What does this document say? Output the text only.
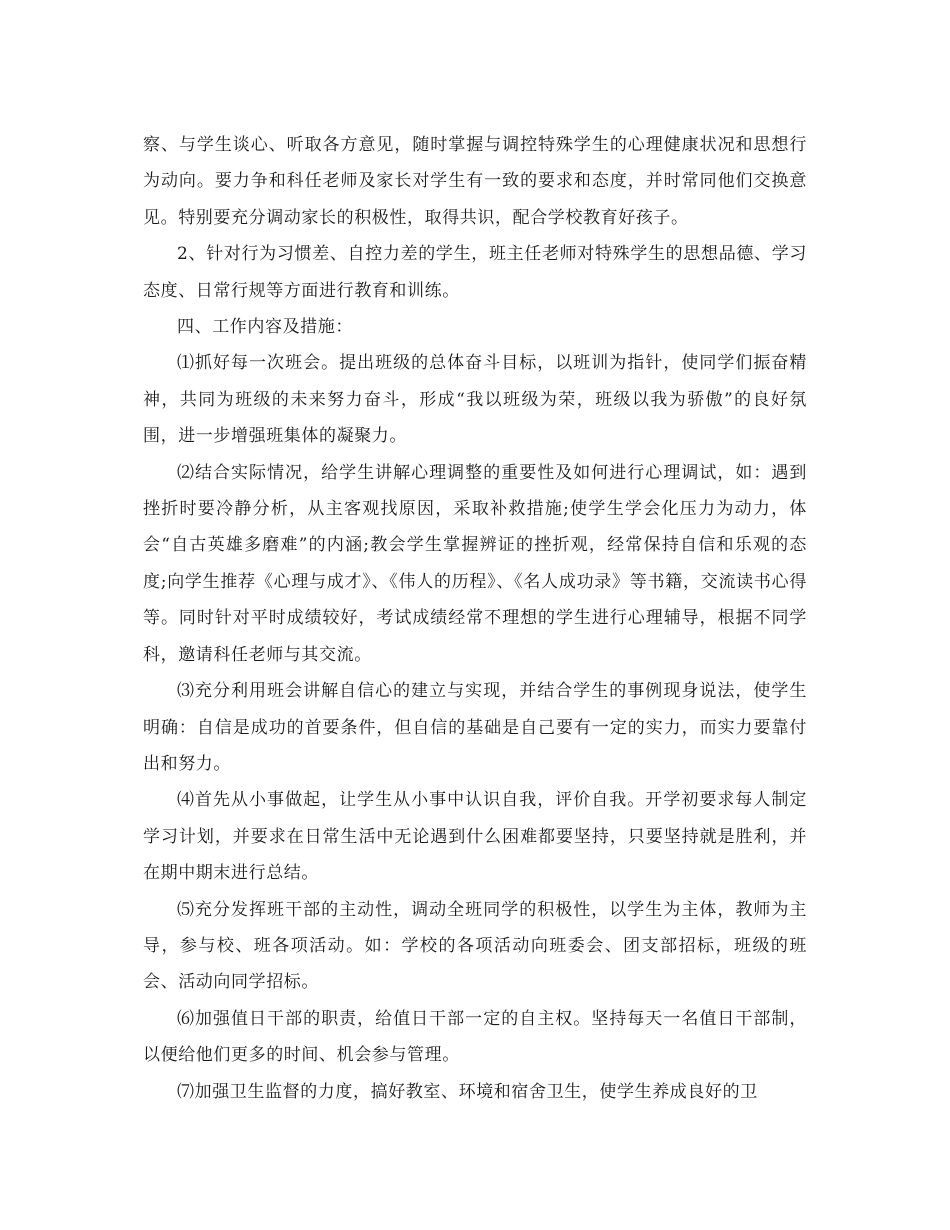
察、与学生谈心、听取各方意见，随时掌握与调控特殊学生的心理健康状况和思想行为动向。要力争和科任老师及家长对学生有一致的要求和态度，并时常同他们交换意见。特别要充分调动家长的积极性，取得共识，配合学校教育好孩子。

2、针对行为习惯差、自控力差的学生，班主任老师对特殊学生的思想品德、学习态度、日常行规等方面进行教育和训练。

四、工作内容及措施：

⑴抓好每一次班会。提出班级的总体奋斗目标，以班训为指针，使同学们振奋精神，共同为班级的未来努力奋斗，形成“我以班级为荣，班级以我为骄傲”的良好氛围，进一步增强班集体的凝聚力。

⑵结合实际情况，给学生讲解心理调整的重要性及如何进行心理调试，如：遇到挫折时要冷静分析，从主客观找原因，采取补救措施;使学生学会化压力为动力，体会“自古英雄多磨难”的内涵;教会学生掌握辨证的挫折观，经常保持自信和乐观的态度;向学生推荐《心理与成才》、《伟人的历程》、《名人成功录》等书籍，交流读书心得等。同时针对平时成绩较好，考试成绩经常不理想的学生进行心理辅导，根据不同学科，邀请科任老师与其交流。

⑶充分利用班会讲解自信心的建立与实现，并结合学生的事例现身说法，使学生明确：自信是成功的首要条件，但自信的基础是自己要有一定的实力，而实力要靠付出和努力。

⑷首先从小事做起，让学生从小事中认识自我，评价自我。开学初要求每人制定学习计划，并要求在日常生活中无论遇到什么困难都要坚持，只要坚持就是胜利，并在期中期末进行总结。

⑸充分发挥班干部的主动性，调动全班同学的积极性，以学生为主体，教师为主导，参与校、班各项活动。如：学校的各项活动向班委会、团支部招标，班级的班会、活动向同学招标。

⑹加强值日干部的职责，给值日干部一定的自主权。坚持每天一名值日干部制，以便给他们更多的时间、机会参与管理。

⑺加强卫生监督的力度，搞好教室、环境和宿舍卫生，使学生养成良好的卫
